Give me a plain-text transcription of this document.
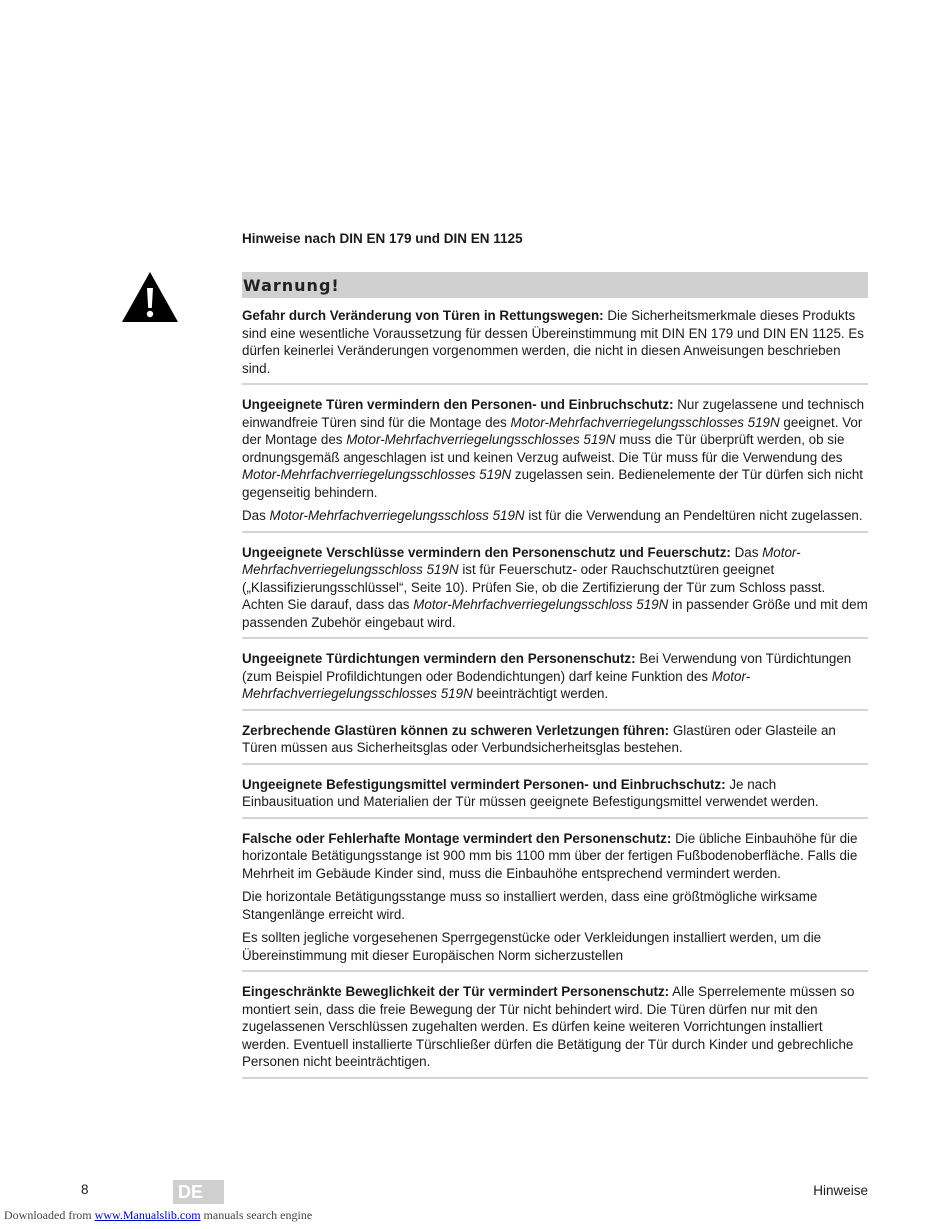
Hinweise nach DIN EN 179 und DIN EN 1125
Warnung!

Gefahr durch Veränderung von Türen in Rettungswegen: Die Sicherheitsmerkmale dieses Produkts sind eine wesentliche Voraussetzung für dessen Übereinstimmung mit DIN EN 179 und DIN EN 1125. Es dürfen keinerlei Veränderungen vorgenommen werden, die nicht in diesen Anweisungen beschrieben sind.

Ungeeignete Türen vermindern den Personen- und Einbruchschutz: Nur zugelassene und technisch einwandfreie Türen sind für die Montage des Motor-Mehrfachverriegelungsschlosses 519N geeignet. Vor der Montage des Motor-Mehrfachverriegelungsschlosses 519N muss die Tür überprüft werden, ob sie ordnungsgemäß angeschlagen ist und keinen Verzug aufweist. Die Tür muss für die Verwendung des Motor-Mehrfachverriegelungsschlosses 519N zugelassen sein. Bedienelemente der Tür dürfen sich nicht gegenseitig behindern.

Das Motor-Mehrfachverriegelungsschloss 519N ist für die Verwendung an Pendeltüren nicht zugelassen.

Ungeeignete Verschlüsse vermindern den Personenschutz und Feuerschutz: Das Motor-Mehrfachverriegelungsschloss 519N ist für Feuerschutz- oder Rauchschutztüren geeignet („Klassifizierungsschlüssel“, Seite 10). Prüfen Sie, ob die Zertifizierung der Tür zum Schloss passt. Achten Sie darauf, dass das Motor-Mehrfachverriegelungsschloss 519N in passender Größe und mit dem passenden Zubehör eingebaut wird.

Ungeeignete Türdichtungen vermindern den Personenschutz: Bei Verwendung von Türdichtungen (zum Beispiel Profildichtungen oder Bodendichtungen) darf keine Funktion des Motor-Mehrfachverriegelungsschlosses 519N beeinträchtigt werden.

Zerbrechende Glastüren können zu schweren Verletzungen führen: Glastüren oder Glasteile an Türen müssen aus Sicherheitsglas oder Verbundsicherheitsglas bestehen.

Ungeeignete Befestigungsmittel vermindert Personen- und Einbruchschutz: Je nach Einbausituation und Materialien der Tür müssen geeignete Befestigungsmittel verwendet werden.

Falsche oder Fehlerhafte Montage vermindert den Personenschutz: Die übliche Einbauhöhe für die horizontale Betätigungsstange ist 900 mm bis 1100 mm über der fertigen Fußbodenoberfläche. Falls die Mehrheit im Gebäude Kinder sind, muss die Einbauhöhe entsprechend vermindert werden.

Die horizontale Betätigungsstange muss so installiert werden, dass eine größtmögliche wirksame Stangenlänge erreicht wird.

Es sollten jegliche vorgesehenen Sperrgegenstücke oder Verkleidungen installiert werden, um die Übereinstimmung mit dieser Europäischen Norm sicherzustellen

Eingeschränkte Beweglichkeit der Tür vermindert Personenschutz: Alle Sperrelemente müssen so montiert sein, dass die freie Bewegung der Tür nicht behindert wird. Die Türen dürfen nur mit den zugelassenen Verschlüssen zugehalten werden. Es dürfen keine weiteren Vorrichtungen installiert werden. Eventuell installierte Türschließer dürfen die Betätigung der Tür durch Kinder und gebrechliche Personen nicht beeinträchtigen.

8	DE	Hinweise
Downloaded from www.Manualslib.com manuals search engine
